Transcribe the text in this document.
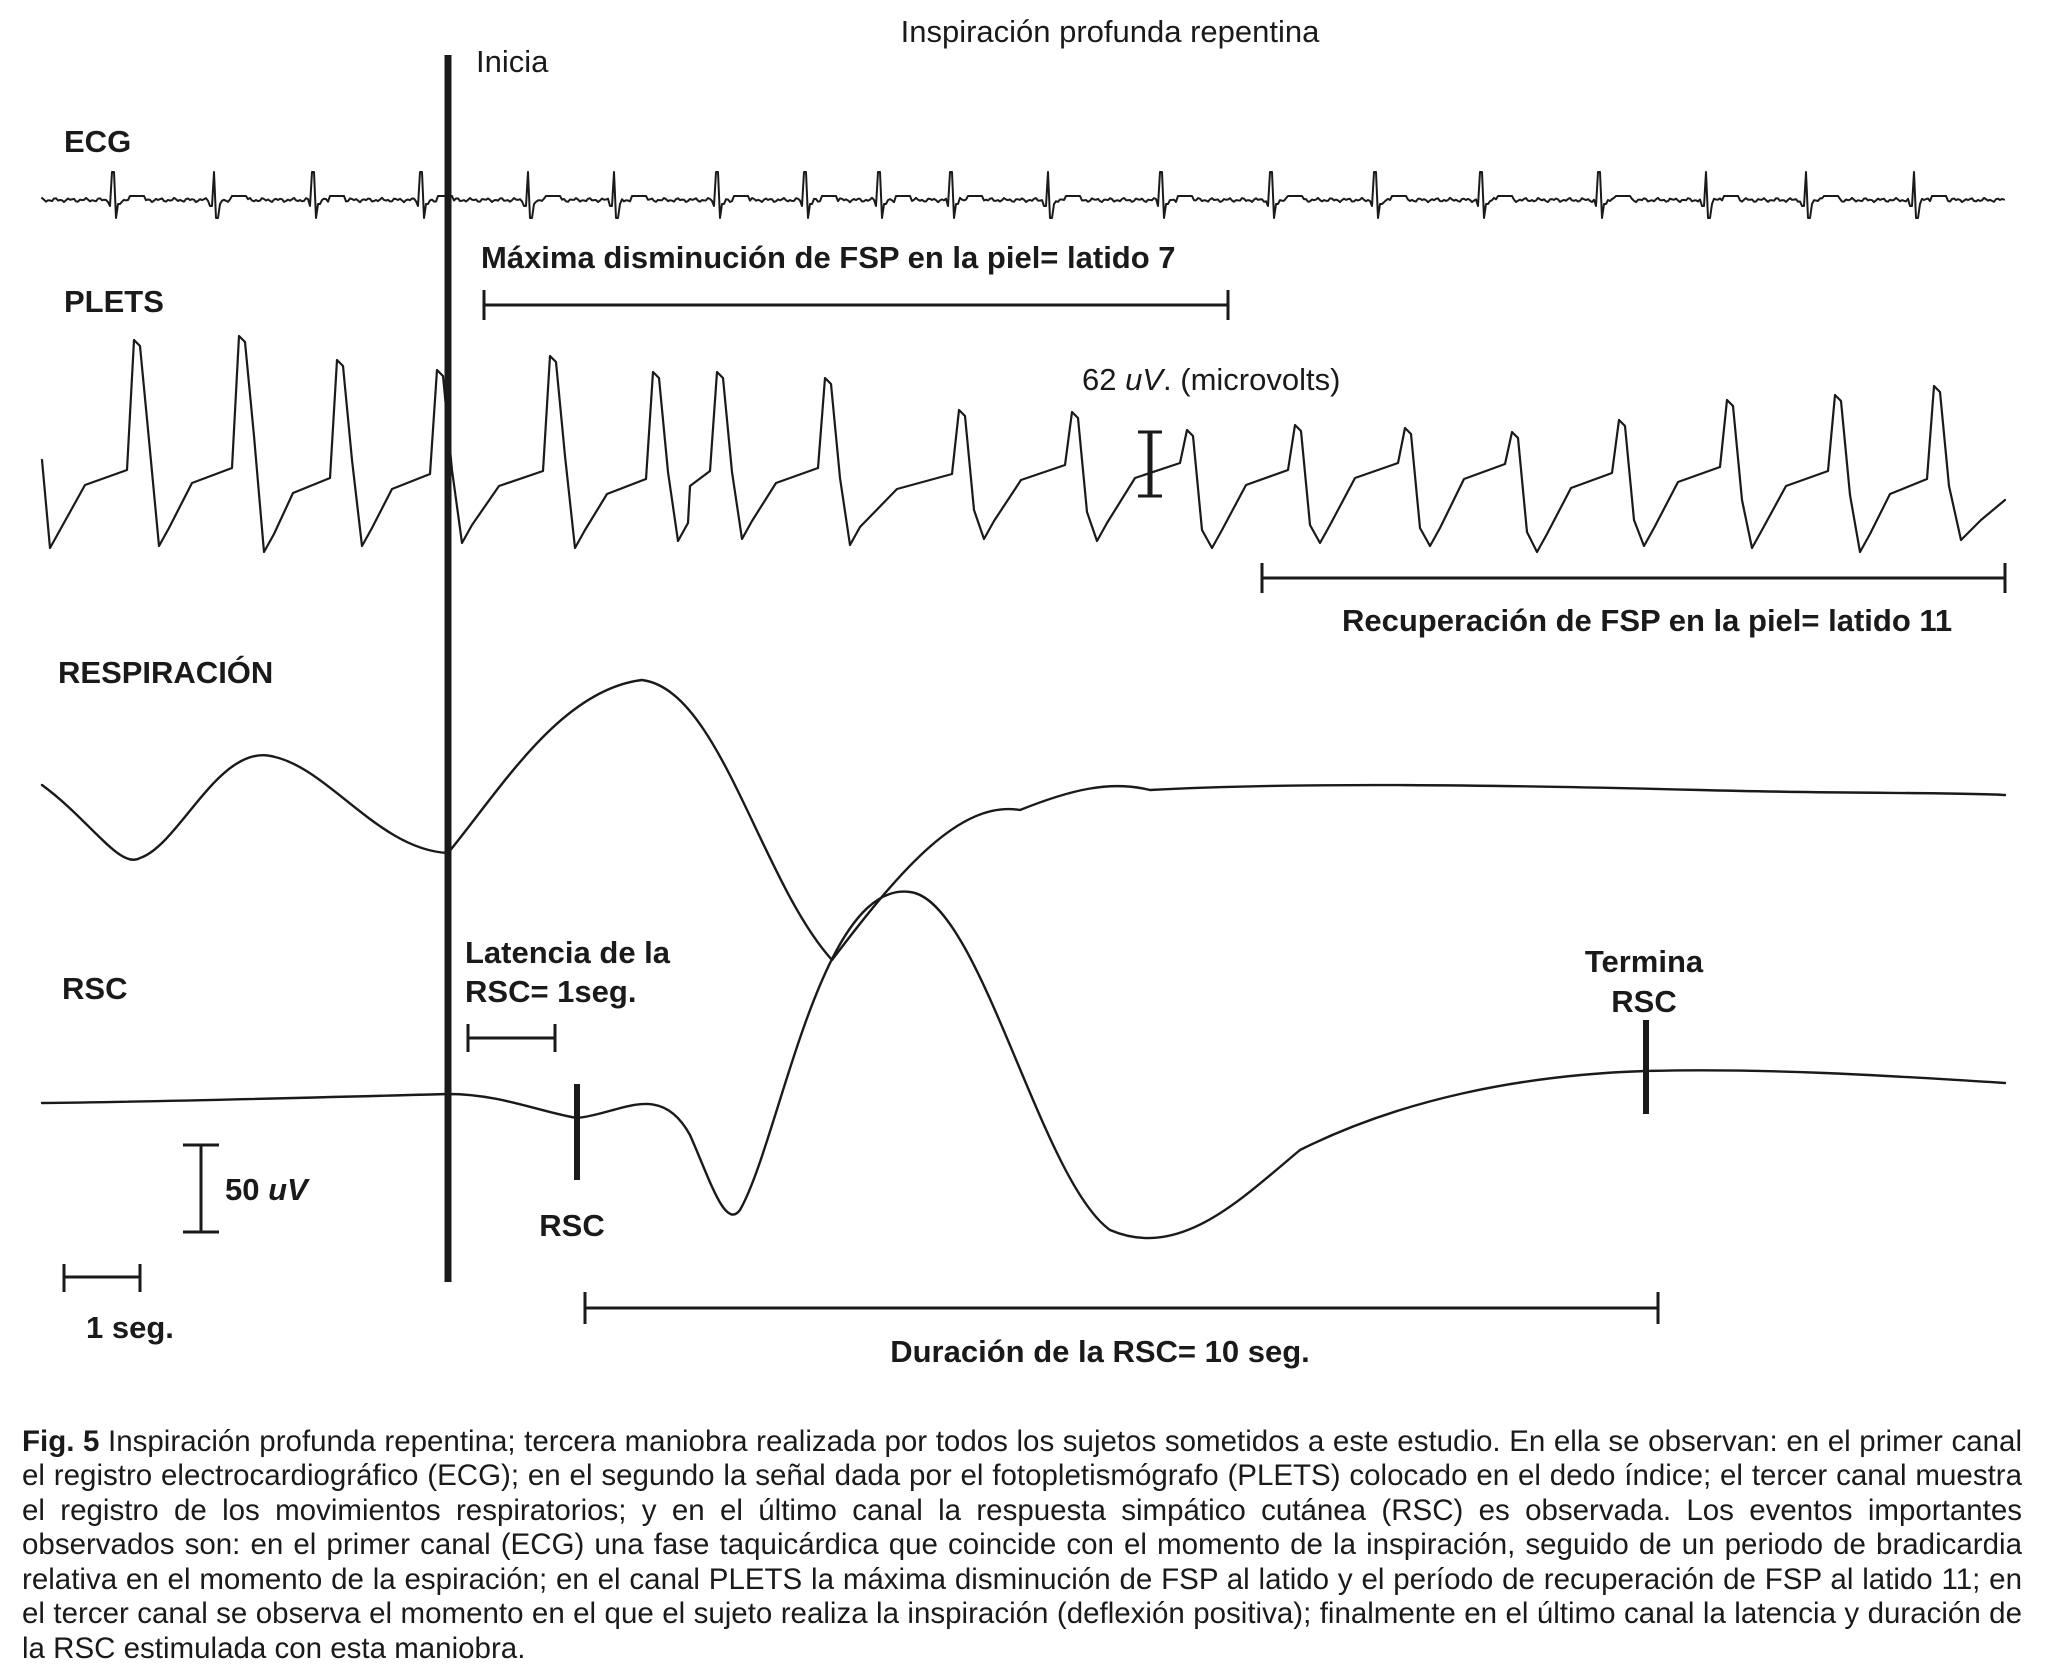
Inspiración profunda repentina
Inicia
ECG
PLETS
RESPIRACIÓN
RSC
Máxima disminución de FSP en la piel= latido 7
62 uV. (microvolts)
Recuperación de FSP en la piel= latido 11
Latencia de la
RSC= 1seg.
Termina
RSC
RSC
50 uV
1 seg.
Duración de la RSC= 10 seg.

Fig. 5 Inspiración profunda repentina; tercera maniobra realizada por todos los sujetos sometidos a este estudio. En ella se observan: en el primer canal el registro electrocardiográfico (ECG); en el segundo la señal dada por el fotopletismógrafo (PLETS) colocado en el dedo índice; el tercer canal muestra el registro de los movimientos respiratorios; y en el último canal la respuesta simpático cutánea (RSC) es observada. Los eventos importantes observados son: en el primer canal (ECG) una fase taquicárdica que coincide con el momento de la inspiración, seguido de un periodo de bradicardia relativa en el momento de la espiración; en el canal PLETS la máxima disminución de FSP al latido y el período de recuperación de FSP al latido 11; en el tercer canal se observa el momento en el que el sujeto realiza la inspiración (deflexión positiva); finalmente en el último canal la latencia y duración de la RSC estimulada con esta maniobra.
